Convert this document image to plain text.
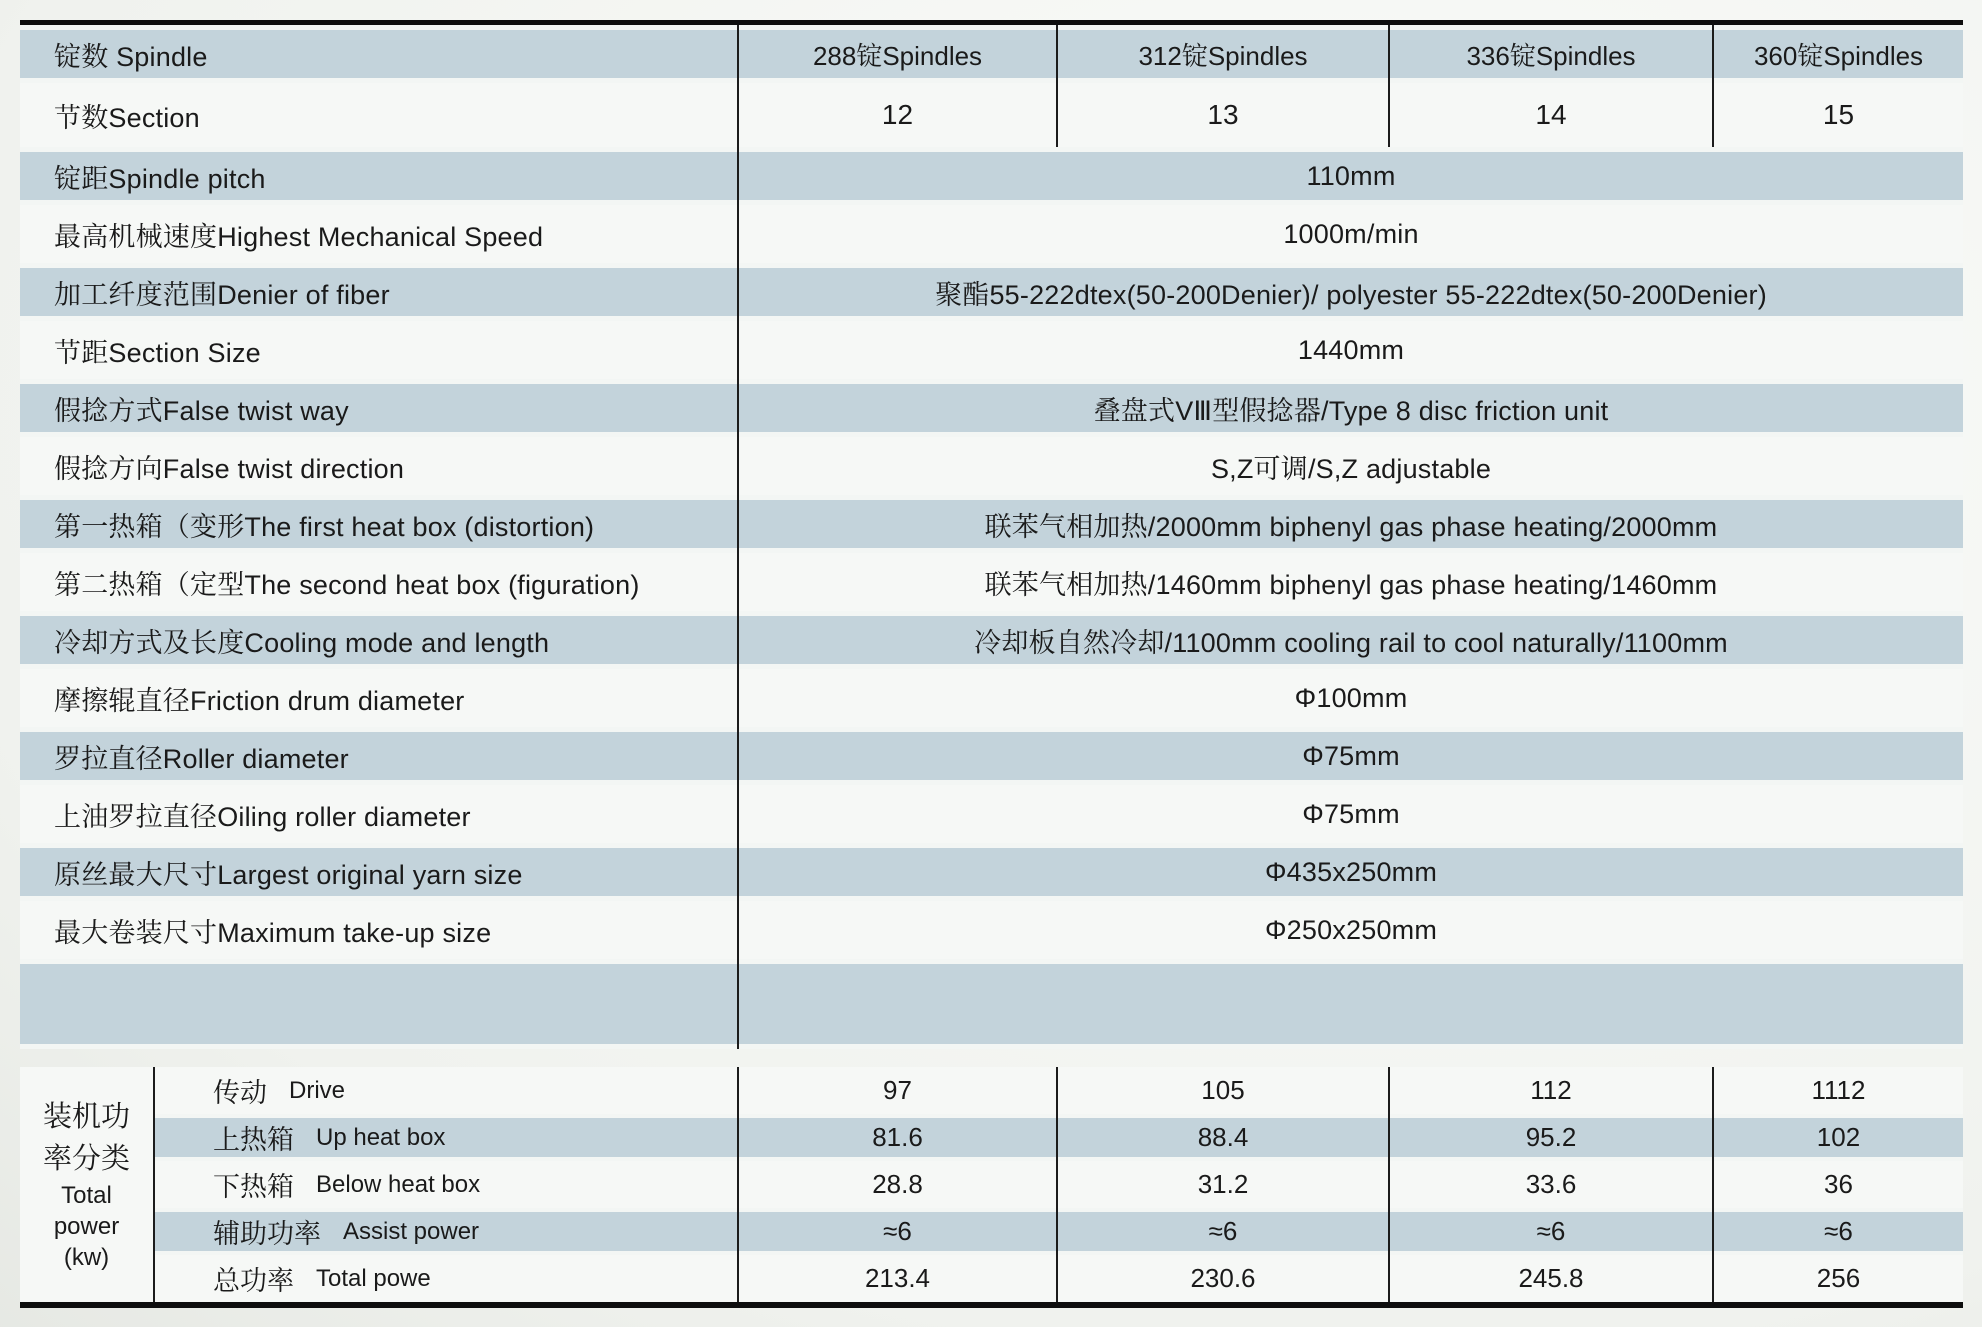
锭数 Spindle	288锭Spindles	312锭Spindles	336锭Spindles	360锭Spindles
节数Section	12	13	14	15
锭距Spindle pitch	110mm
最高机械速度Highest Mechanical Speed	1000m/min
加工纤度范围Denier of fiber	聚酯55-222dtex(50-200Denier)/ polyester 55-222dtex(50-200Denier)
节距Section Size	1440mm
假捻方式False twist way	叠盘式VⅢ型假捻器/Type 8 disc friction unit
假捻方向False twist direction	S,Z可调/S,Z adjustable
第一热箱（变形The first heat box (distortion)	联苯气相加热/2000mm biphenyl gas phase heating/2000mm
第二热箱（定型The second heat box (figuration)	联苯气相加热/1460mm biphenyl gas phase heating/1460mm
冷却方式及长度Cooling mode and length	冷却板自然冷却/1100mm cooling rail to cool naturally/1100mm
摩擦辊直径Friction drum diameter	Φ100mm
罗拉直径Roller diameter	Φ75mm
上油罗拉直径Oiling roller diameter	Φ75mm
原丝最大尺寸Largest original yarn size	Φ435x250mm
最大卷装尺寸Maximum take-up size	Φ250x250mm
装机功
率分类
Total
power
(kw)
传动 Drive	97	105	112	1112
上热箱 Up heat box	81.6	88.4	95.2	102
下热箱 Below heat box	28.8	31.2	33.6	36
辅助功率 Assist power	≈6	≈6	≈6	≈6
总功率 Total powe	213.4	230.6	245.8	256
